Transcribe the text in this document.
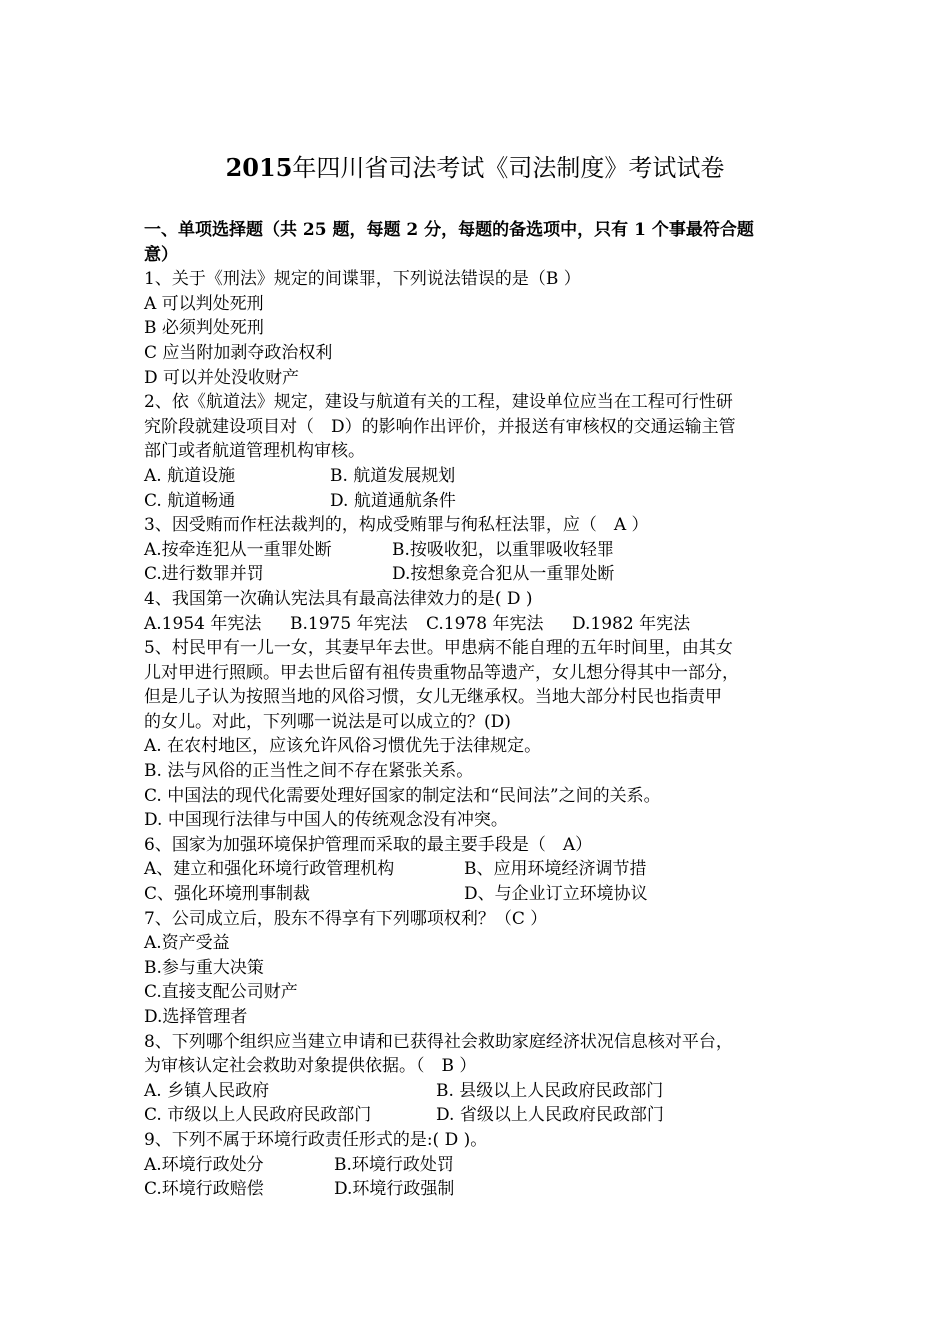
2015年四川省司法考试《司法制度》考试试卷
一、单项选择题（共 25 题，每题 2 分，每题的备选项中，只有 1 个事最符合题
意）
1、关于《刑法》规定的间谍罪，下列说法错误的是（B ）
A 可以判处死刑
B 必须判处死刑
C 应当附加剥夺政治权利
D 可以并处没收财产
2、依《航道法》规定，建设与航道有关的工程，建设单位应当在工程可行性研
究阶段就建设项目对（　D）的影响作出评价，并报送有审核权的交通运输主管
部门或者航道管理机构审核。
A. 航道设施	B. 航道发展规划
C. 航道畅通	D. 航道通航条件
3、因受贿而作枉法裁判的，构成受贿罪与徇私枉法罪，应（　A ）
A.按牵连犯从一重罪处断	B.按吸收犯，以重罪吸收轻罪
C.进行数罪并罚	D.按想象竞合犯从一重罪处断
4、我国第一次确认宪法具有最高法律效力的是( D )
A.1954 年宪法 B.1975 年宪法 C.1978 年宪法 D.1982 年宪法
5、村民甲有一儿一女，其妻早年去世。甲患病不能自理的五年时间里，由其女
儿对甲进行照顾。甲去世后留有祖传贵重物品等遗产，女儿想分得其中一部分，
但是儿子认为按照当地的风俗习惯，女儿无继承权。当地大部分村民也指责甲
的女儿。对此，下列哪一说法是可以成立的？(D)
A. 在农村地区，应该允许风俗习惯优先于法律规定。
B. 法与风俗的正当性之间不存在紧张关系。
C. 中国法的现代化需要处理好国家的制定法和“民间法”之间的关系。
D. 中国现行法律与中国人的传统观念没有冲突。
6、国家为加强环境保护管理而采取的最主要手段是（　A）
A、建立和强化环境行政管理机构	B、应用环境经济调节措
C、强化环境刑事制裁	D、与企业订立环境协议
7、公司成立后，股东不得享有下列哪项权利？（C ）
A.资产受益
B.参与重大决策
C.直接支配公司财产
D.选择管理者
8、下列哪个组织应当建立申请和已获得社会救助家庭经济状况信息核对平台，
为审核认定社会救助对象提供依据。（　B ）
A. 乡镇人民政府	B. 县级以上人民政府民政部门
C. 市级以上人民政府民政部门	D. 省级以上人民政府民政部门
9、下列不属于环境行政责任形式的是:( D )。
A.环境行政处分	B.环境行政处罚
C.环境行政赔偿	D.环境行政强制
